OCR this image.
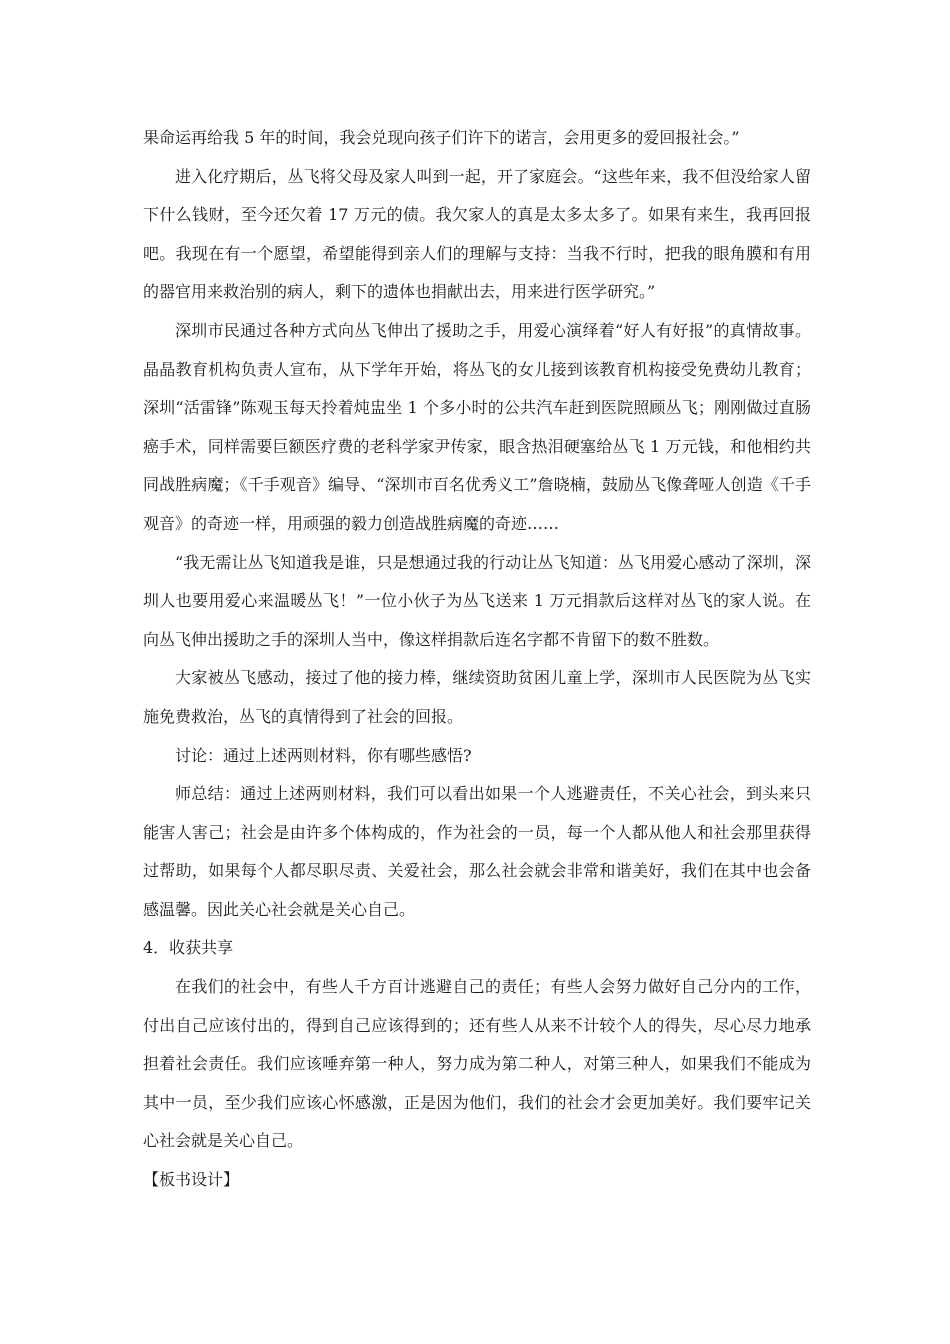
果命运再给我 5 年的时间，我会兑现向孩子们许下的诺言，会用更多的爱回报社会。”

进入化疗期后，丛飞将父母及家人叫到一起，开了家庭会。“这些年来，我不但没给家人留下什么钱财，至今还欠着 17 万元的债。我欠家人的真是太多太多了。如果有来生，我再回报吧。我现在有一个愿望，希望能得到亲人们的理解与支持：当我不行时，把我的眼角膜和有用的器官用来救治别的病人，剩下的遗体也捐献出去，用来进行医学研究。”

深圳市民通过各种方式向丛飞伸出了援助之手，用爱心演绎着“好人有好报”的真情故事。晶晶教育机构负责人宣布，从下学年开始，将丛飞的女儿接到该教育机构接受免费幼儿教育；深圳“活雷锋”陈观玉每天拎着炖盅坐 1 个多小时的公共汽车赶到医院照顾丛飞；刚刚做过直肠癌手术，同样需要巨额医疗费的老科学家尹传家，眼含热泪硬塞给丛飞 1 万元钱，和他相约共同战胜病魔；《千手观音》编导、“深圳市百名优秀义工”詹晓楠，鼓励丛飞像聋哑人创造《千手观音》的奇迹一样，用顽强的毅力创造战胜病魔的奇迹……

“我无需让丛飞知道我是谁，只是想通过我的行动让丛飞知道：丛飞用爱心感动了深圳，深圳人也要用爱心来温暖丛飞！”一位小伙子为丛飞送来 1 万元捐款后这样对丛飞的家人说。在向丛飞伸出援助之手的深圳人当中，像这样捐款后连名字都不肯留下的数不胜数。

大家被丛飞感动，接过了他的接力棒，继续资助贫困儿童上学，深圳市人民医院为丛飞实施免费救治，丛飞的真情得到了社会的回报。

讨论：通过上述两则材料，你有哪些感悟?

师总结：通过上述两则材料，我们可以看出如果一个人逃避责任，不关心社会，到头来只能害人害己；社会是由许多个体构成的，作为社会的一员，每一个人都从他人和社会那里获得过帮助，如果每个人都尽职尽责、关爱社会，那么社会就会非常和谐美好，我们在其中也会备感温馨。因此关心社会就是关心自己。

4．收获共享

在我们的社会中，有些人千方百计逃避自己的责任；有些人会努力做好自己分内的工作，付出自己应该付出的，得到自己应该得到的；还有些人从来不计较个人的得失，尽心尽力地承担着社会责任。我们应该唾弃第一种人，努力成为第二种人，对第三种人，如果我们不能成为其中一员，至少我们应该心怀感激，正是因为他们，我们的社会才会更加美好。我们要牢记关心社会就是关心自己。

【板书设计】
